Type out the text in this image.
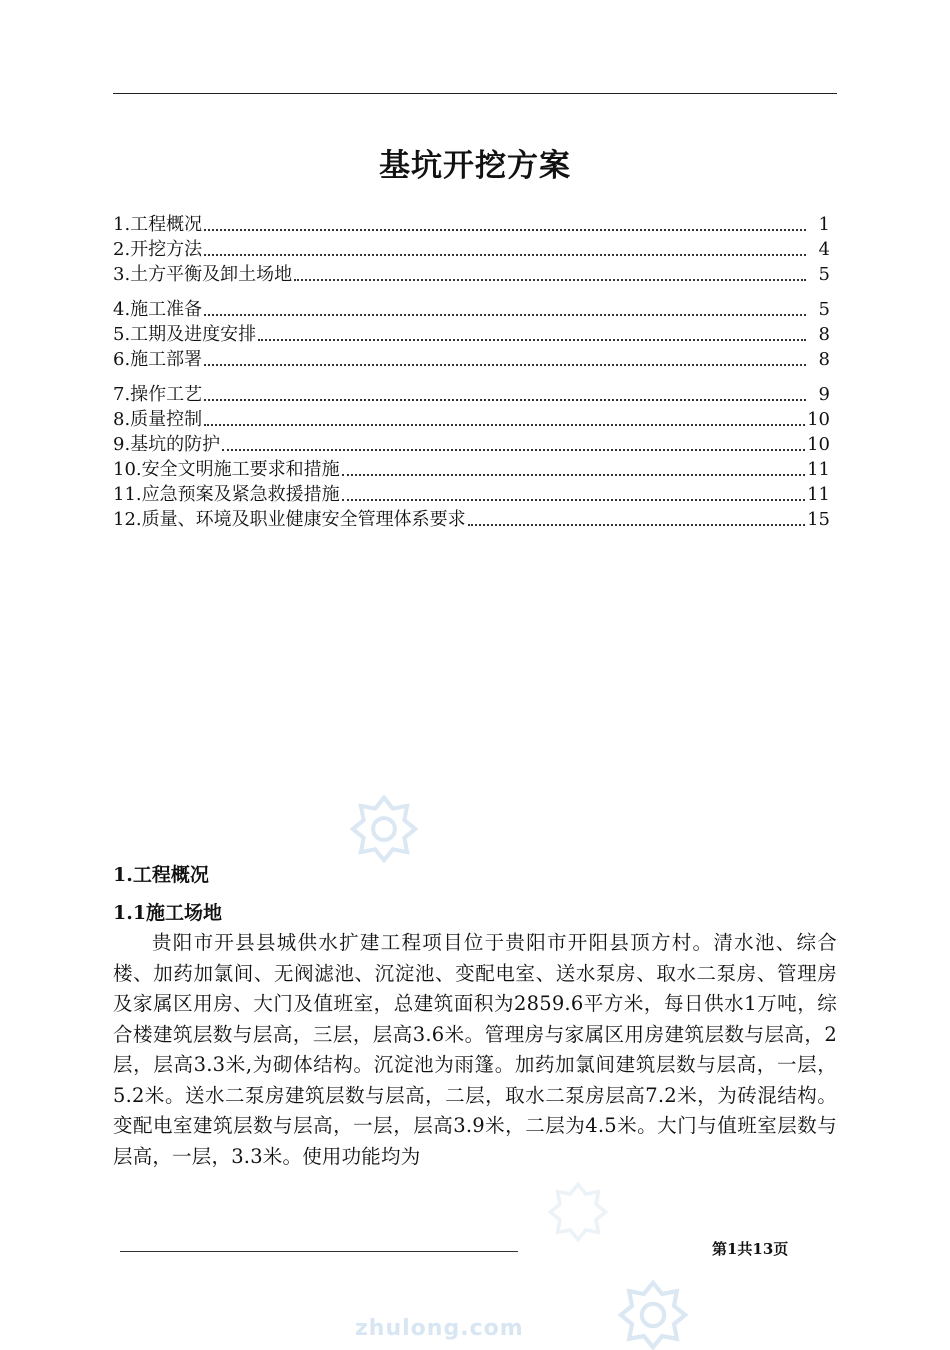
基坑开挖方案
1.工程概况	1
2.开挖方法	4
3.土方平衡及卸土场地	5
4.施工准备	5
5.工期及进度安排	8
6.施工部署	8
7.操作工艺	9
8.质量控制	10
9.基坑的防护	10
10.安全文明施工要求和措施	11
11.应急预案及紧急救援措施	11
12.质量、环境及职业健康安全管理体系要求	15
1.工程概况
1.1施工场地
贵阳市开县县城供水扩建工程项目位于贵阳市开阳县顶方村。清水池、综合楼、加药加氯间、无阀滤池、沉淀池、变配电室、送水泵房、取水二泵房、管理房及家属区用房、大门及值班室，总建筑面积为2859.6平方米，每日供水1万吨，综合楼建筑层数与层高，三层，层高3.6米。管理房与家属区用房建筑层数与层高，2层，层高3.3米,为砌体结构。沉淀池为雨篷。加药加氯间建筑层数与层高，一层，5.2米。送水二泵房建筑层数与层高，二层，取水二泵房层高7.2米，为砖混结构。变配电室建筑层数与层高，一层，层高3.9米，二层为4.5米。大门与值班室层数与层高，一层，3.3米。使用功能均为
第1共13页
zhulong.com
